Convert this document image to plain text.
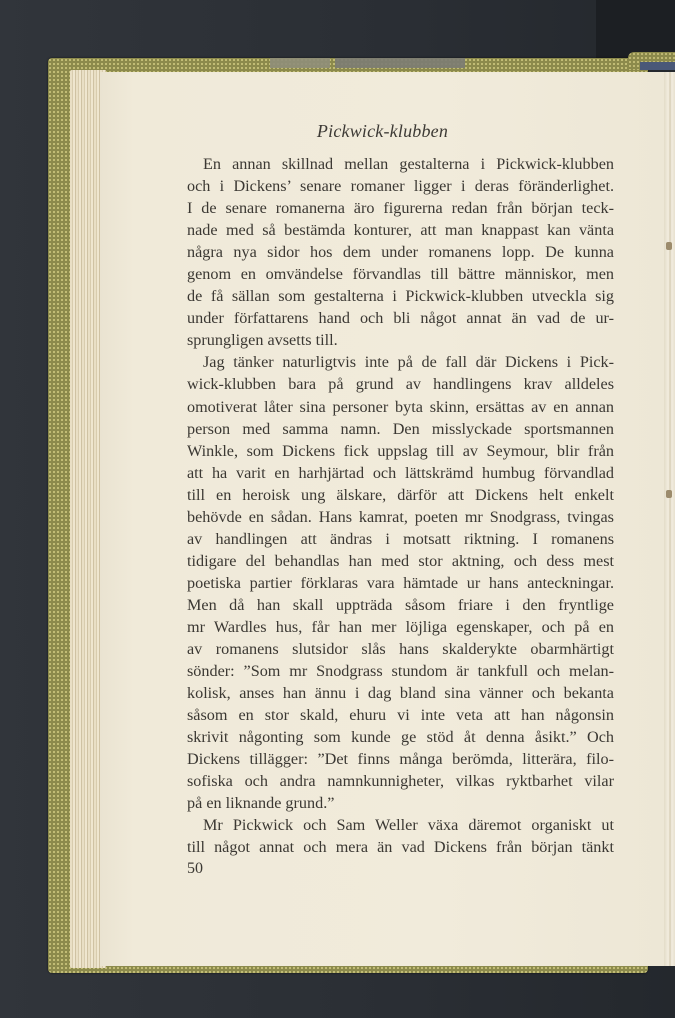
Pickwick-klubben
En annan skillnad mellan gestalterna i Pickwick-klubben
och i Dickens’ senare romaner ligger i deras föränderlighet.
I de senare romanerna äro figurerna redan från början teck-
nade med så bestämda konturer, att man knappast kan vänta
några nya sidor hos dem under romanens lopp. De kunna
genom en omvändelse förvandlas till bättre människor, men
de få sällan som gestalterna i Pickwick-klubben utveckla sig
under författarens hand och bli något annat än vad de ur-
sprungligen avsetts till.
Jag tänker naturligtvis inte på de fall där Dickens i Pick-
wick-klubben bara på grund av handlingens krav alldeles
omotiverat låter sina personer byta skinn, ersättas av en annan
person med samma namn. Den misslyckade sportsmannen
Winkle, som Dickens fick uppslag till av Seymour, blir från
att ha varit en harhjärtad och lättskrämd humbug förvandlad
till en heroisk ung älskare, därför att Dickens helt enkelt
behövde en sådan. Hans kamrat, poeten mr Snodgrass, tvingas
av handlingen att ändras i motsatt riktning. I romanens
tidigare del behandlas han med stor aktning, och dess mest
poetiska partier förklaras vara hämtade ur hans anteckningar.
Men då han skall uppträda såsom friare i den fryntlige
mr Wardles hus, får han mer löjliga egenskaper, och på en
av romanens slutsidor slås hans skalderykte obarmhärtigt
sönder: ”Som mr Snodgrass stundom är tankfull och melan-
kolisk, anses han ännu i dag bland sina vänner och bekanta
såsom en stor skald, ehuru vi inte veta att han någonsin
skrivit någonting som kunde ge stöd åt denna åsikt.” Och
Dickens tillägger: ”Det finns många berömda, litterära, filo-
sofiska och andra namnkunnigheter, vilkas ryktbarhet vilar
på en liknande grund.”
Mr Pickwick och Sam Weller växa däremot organiskt ut
till något annat och mera än vad Dickens från början tänkt
50
